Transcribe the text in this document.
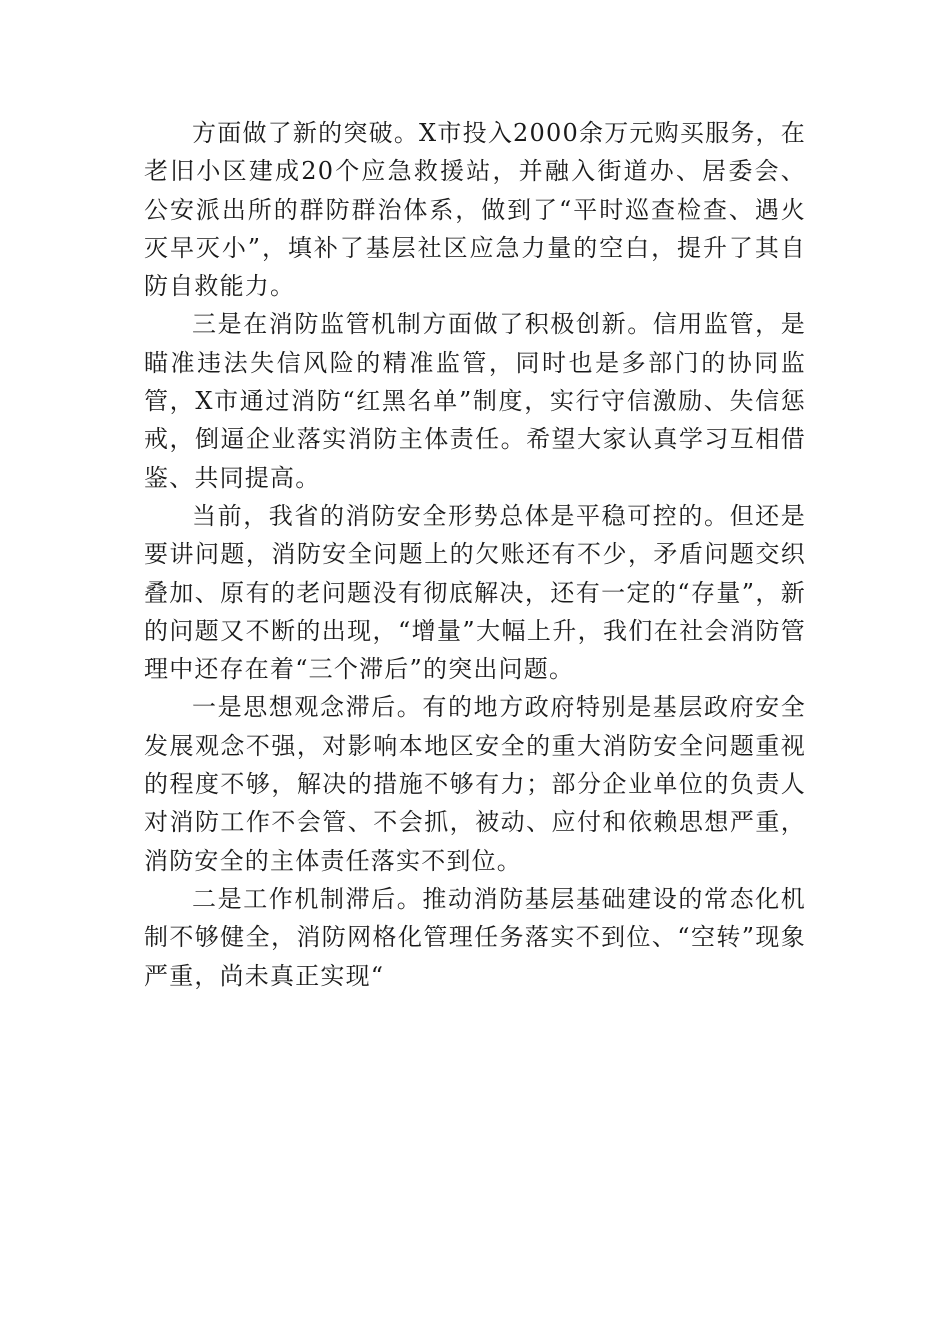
方面做了新的突破。X市投入2000余万元购买服务，在老旧小区建成20个应急救援站，并融入街道办、居委会、公安派出所的群防群治体系，做到了“平时巡查检查、遇火灭早灭小”，填补了基层社区应急力量的空白，提升了其自防自救能力。

三是在消防监管机制方面做了积极创新。信用监管，是瞄准违法失信风险的精准监管，同时也是多部门的协同监管，X市通过消防“红黑名单”制度，实行守信激励、失信惩戒，倒逼企业落实消防主体责任。希望大家认真学习互相借鉴、共同提高。

当前，我省的消防安全形势总体是平稳可控的。但还是要讲问题，消防安全问题上的欠账还有不少，矛盾问题交织叠加、原有的老问题没有彻底解决，还有一定的“存量”，新的问题又不断的出现，“增量”大幅上升，我们在社会消防管理中还存在着“三个滞后”的突出问题。

一是思想观念滞后。有的地方政府特别是基层政府安全发展观念不强，对影响本地区安全的重大消防安全问题重视的程度不够，解决的措施不够有力；部分企业单位的负责人对消防工作不会管、不会抓，被动、应付和依赖思想严重，消防安全的主体责任落实不到位。

二是工作机制滞后。推动消防基层基础建设的常态化机制不够健全，消防网格化管理任务落实不到位、“空转”现象严重，尚未真正实现“
